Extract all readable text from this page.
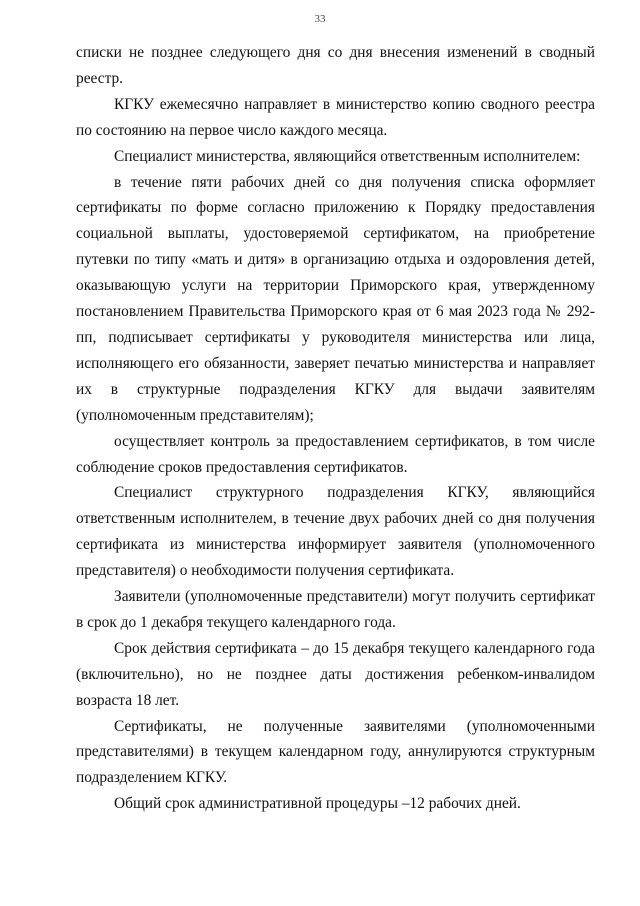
33

списки не позднее следующего дня со дня внесения изменений в сводный реестр.

КГКУ ежемесячно направляет в министерство копию сводного реестра по состоянию на первое число каждого месяца.

Специалист министерства, являющийся ответственным исполнителем:

в течение пяти рабочих дней со дня получения списка оформляет сертификаты по форме согласно приложению к Порядку предоставления социальной выплаты, удостоверяемой сертификатом, на приобретение путевки по типу «мать и дитя» в организацию отдыха и оздоровления детей, оказывающую услуги на территории Приморского края, утвержденному постановлением Правительства Приморского края от 6 мая 2023 года № 292-пп, подписывает сертификаты у руководителя министерства или лица, исполняющего его обязанности, заверяет печатью министерства и направляет их в структурные подразделения КГКУ для выдачи заявителям (уполномоченным представителям);

осуществляет контроль за предоставлением сертификатов, в том числе соблюдение сроков предоставления сертификатов.

Специалист структурного подразделения КГКУ, являющийся ответственным исполнителем, в течение двух рабочих дней со дня получения сертификата из министерства информирует заявителя (уполномоченного представителя) о необходимости получения сертификата.

Заявители (уполномоченные представители) могут получить сертификат в срок до 1 декабря текущего календарного года.

Срок действия сертификата – до 15 декабря текущего календарного года (включительно), но не позднее даты достижения ребенком-инвалидом возраста 18 лет.

Сертификаты, не полученные заявителями (уполномоченными представителями) в текущем календарном году, аннулируются структурным подразделением КГКУ.

Общий срок административной процедуры –12 рабочих дней.
